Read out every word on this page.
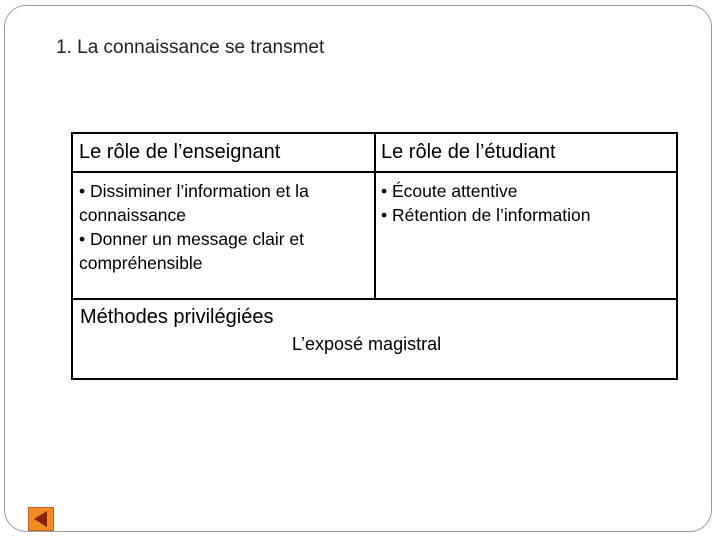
1. La connaissance se transmet
Le rôle de l’enseignant	Le rôle de l’étudiant
• Dissiminer l’information et la connaissance
• Donner un message clair et compréhensible
• Écoute attentive
• Rétention de l’information
Méthodes privilégiées
L’exposé magistral
